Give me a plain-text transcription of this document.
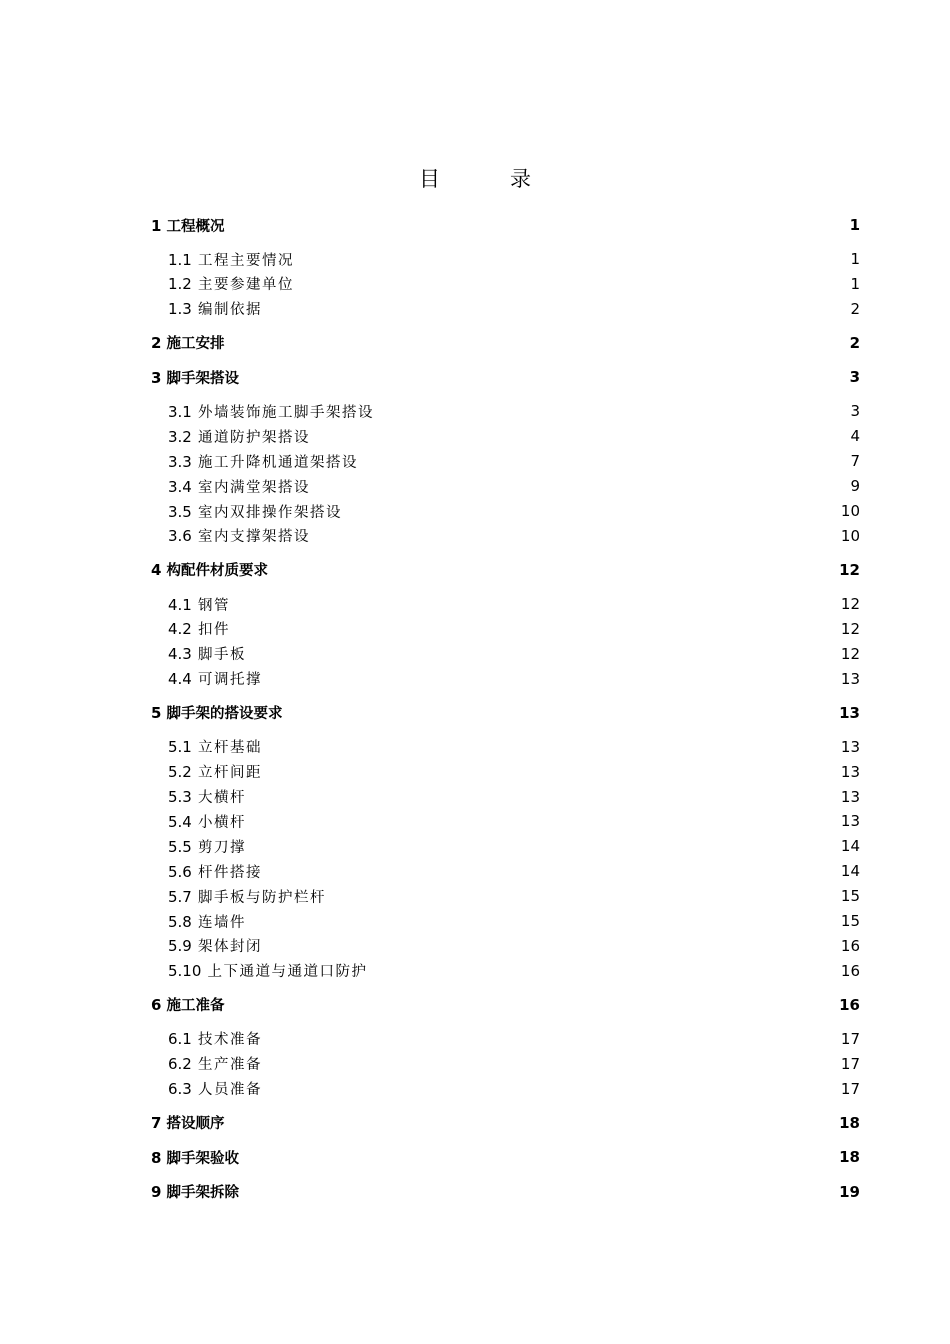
目	录
1 工程概况	1
1.1 工程主要情况	1
1.2 主要参建单位	1
1.3 编制依据	2
2 施工安排	2
3 脚手架搭设	3
3.1 外墙装饰施工脚手架搭设	3
3.2 通道防护架搭设	4
3.3 施工升降机通道架搭设	7
3.4 室内满堂架搭设	9
3.5 室内双排操作架搭设	10
3.6 室内支撑架搭设	10
4 构配件材质要求	12
4.1 钢管	12
4.2 扣件	12
4.3 脚手板	12
4.4 可调托撑	13
5 脚手架的搭设要求	13
5.1 立杆基础	13
5.2 立杆间距	13
5.3 大横杆	13
5.4 小横杆	13
5.5 剪刀撑	14
5.6 杆件搭接	14
5.7 脚手板与防护栏杆	15
5.8 连墙件	15
5.9 架体封闭	16
5.10 上下通道与通道口防护	16
6 施工准备	16
6.1 技术准备	17
6.2 生产准备	17
6.3 人员准备	17
7 搭设顺序	18
8 脚手架验收	18
9 脚手架拆除	19
